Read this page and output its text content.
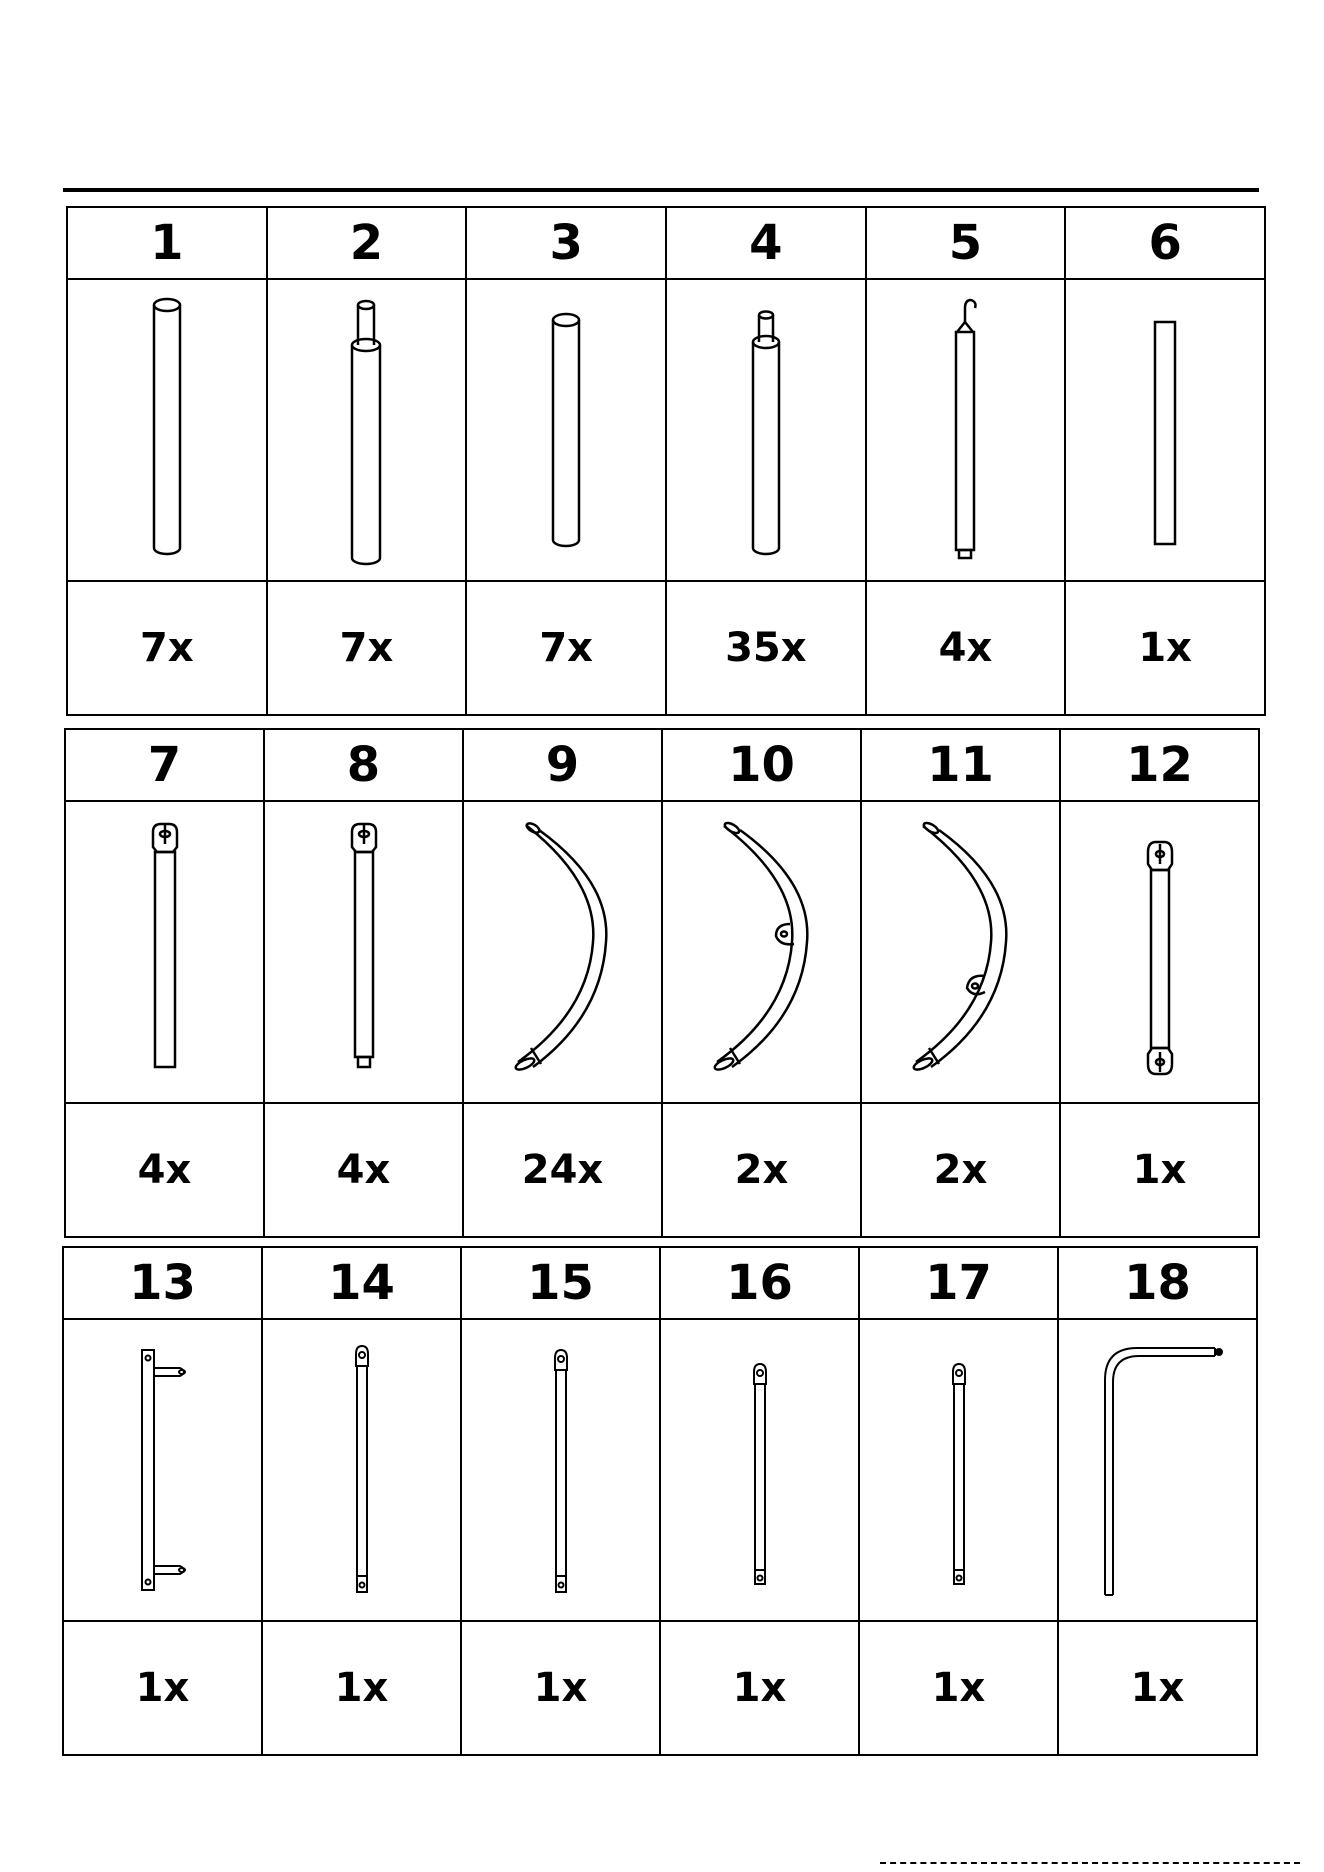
1	2	3	4	5	6

7x	7x	7x	35x	4x	1x
7	8	9	10	11	12

4x	4x	24x	2x	2x	1x
13	14	15	16	17	18

1x	1x	1x	1x	1x	1x
